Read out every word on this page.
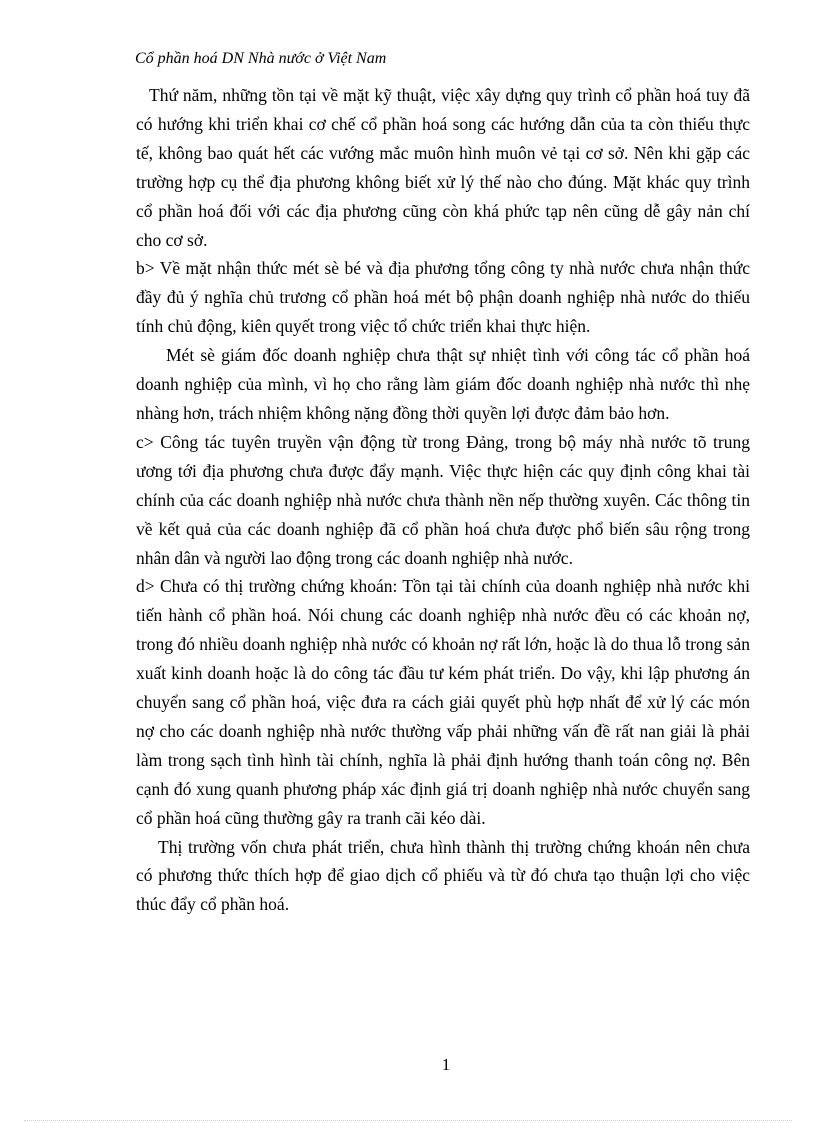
Cổ phần hoá DN Nhà nước ở Việt Nam

Thứ năm, những tồn tại về mặt kỹ thuật, việc xây dựng quy trình cổ phần hoá tuy đã có hướng khi triển khai cơ chế cổ phần hoá song các hướng dẫn của ta còn thiếu thực tế, không bao quát hết các vướng mắc muôn hình muôn vẻ tại cơ sở. Nên khi gặp các trường hợp cụ thể địa phương không biết xử lý thế nào cho đúng. Mặt khác quy trình cổ phần hoá đối với các địa phương cũng còn khá phức tạp nên cũng dễ gây nản chí cho cơ sở.

b> Về mặt nhận thức mét sè bé và địa phương tổng công ty nhà nước chưa nhận thức đầy đủ ý nghĩa chủ trương cổ phần hoá mét bộ phận doanh nghiệp nhà nước do thiếu tính chủ động, kiên quyết trong việc tổ chức triển khai thực hiện.

Mét sè giám đốc doanh nghiệp chưa thật sự nhiệt tình với công tác cổ phần hoá doanh nghiệp của mình, vì họ cho rằng làm giám đốc doanh nghiệp nhà nước thì nhẹ nhàng hơn, trách nhiệm không nặng đồng thời quyền lợi được đảm bảo hơn.

c> Công tác tuyên truyền vận động từ trong Đảng, trong bộ máy nhà nước tõ trung ương tới địa phương chưa được đẩy mạnh. Việc thực hiện các quy định công khai tài chính của các doanh nghiệp nhà nước chưa thành nền nếp thường xuyên. Các thông tin về kết quả của các doanh nghiệp đã cổ phần hoá chưa được phổ biến sâu rộng trong nhân dân và người lao động trong các doanh nghiệp nhà nước.

d> Chưa có thị trường chứng khoán: Tồn tại tài chính của doanh nghiệp nhà nước khi tiến hành cổ phần hoá. Nói chung các doanh nghiệp nhà nước đều có các khoản nợ, trong đó nhiều doanh nghiệp nhà nước có khoản nợ rất lớn, hoặc là do thua lỗ trong sản xuất kinh doanh hoặc là do công tác đầu tư kém phát triển. Do vậy, khi lập phương án chuyển sang cổ phần hoá, việc đưa ra cách giải quyết phù hợp nhất để xử lý các món nợ cho các doanh nghiệp nhà nước thường vấp phải những vấn đề rất nan giải là phải làm trong sạch tình hình tài chính, nghĩa là phải định hướng thanh toán công nợ. Bên cạnh đó xung quanh phương pháp xác định giá trị doanh nghiệp nhà nước chuyển sang cổ phần hoá cũng thường gây ra tranh cãi kéo dài.

Thị trường vốn chưa phát triển, chưa hình thành thị trường chứng khoán nên chưa có phương thức thích hợp để giao dịch cổ phiếu và từ đó chưa tạo thuận lợi cho việc thúc đẩy cổ phần hoá.

1
